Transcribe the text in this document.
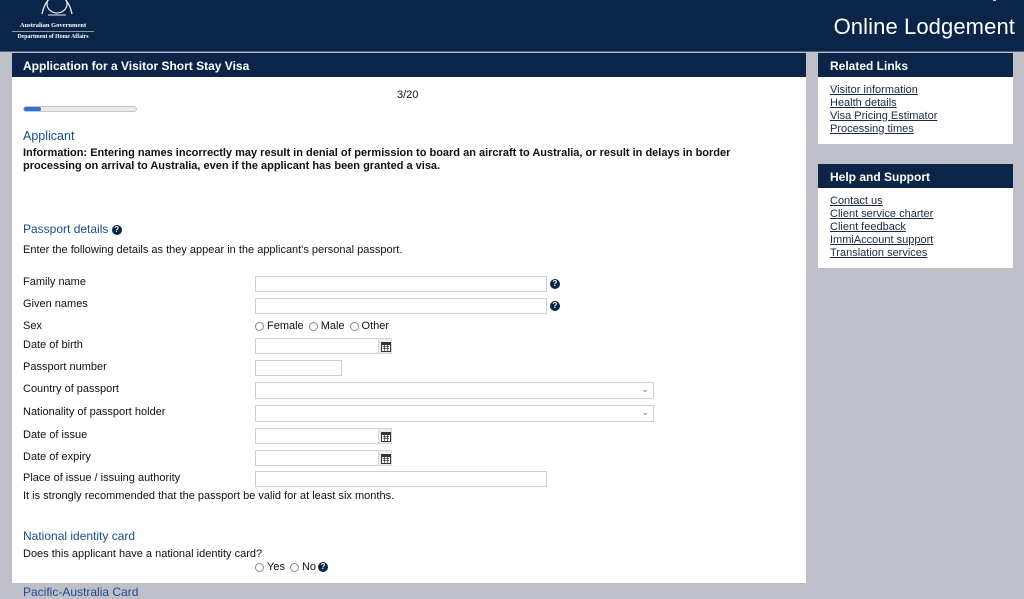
Australian Government
Department of Home Affairs	Online Lodgement
Application for a Visitor Short Stay Visa
3/20
Applicant
Information: Entering names incorrectly may result in denial of permission to board an aircraft to Australia, or result in delays in border processing on arrival to Australia, even if the applicant has been granted a visa.
Passport details ?
Enter the following details as they appear in the applicant's personal passport.
Family name	?
Given names	?
Sex	Female Male Other
Date of birth
Passport number
Country of passport	⌄
Nationality of passport holder	⌄
Date of issue
Date of expiry
Place of issue / issuing authority
It is strongly recommended that the passport be valid for at least six months.
National identity card
Does this applicant have a national identity card?
Yes No ?
Pacific-Australia Card
Related Links
Visitor information
Health details
Visa Pricing Estimator
Processing times
Help and Support
Contact us
Client service charter
Client feedback
ImmiAccount support
Translation services
